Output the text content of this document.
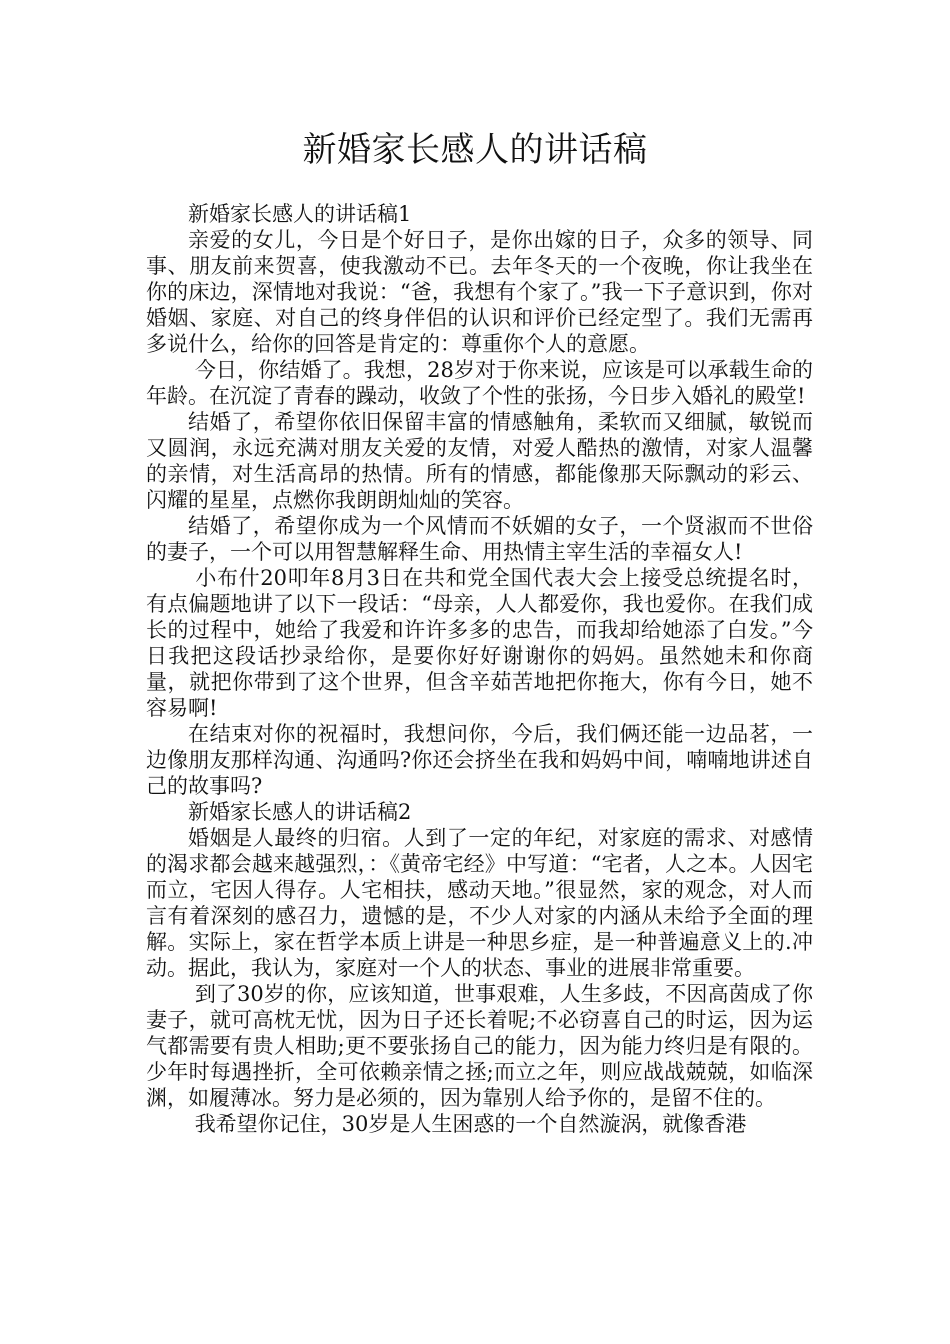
新婚家长感人的讲话稿

新婚家长感人的讲话稿1

亲爱的女儿，今日是个好日子，是你出嫁的日子，众多的领导、同事、朋友前来贺喜，使我激动不已。去年冬天的一个夜晚，你让我坐在你的床边，深情地对我说：“爸，我想有个家了。”我一下子意识到，你对婚姻、家庭、对自己的终身伴侣的认识和评价已经定型了。我们无需再多说什么，给你的回答是肯定的：尊重你个人的意愿。

今日，你结婚了。我想，28岁对于你来说，应该是可以承载生命的年龄。在沉淀了青春的躁动，收敛了个性的张扬，今日步入婚礼的殿堂!

结婚了，希望你依旧保留丰富的情感触角，柔软而又细腻，敏锐而又圆润，永远充满对朋友关爱的友情，对爱人酷热的激情，对家人温馨的亲情，对生活高昂的热情。所有的情感，都能像那天际飘动的彩云、闪耀的星星，点燃你我朗朗灿灿的笑容。

结婚了，希望你成为一个风情而不妖媚的女子，一个贤淑而不世俗的妻子，一个可以用智慧解释生命、用热情主宰生活的幸福女人!

小布什20叩年8月3日在共和党全国代表大会上接受总统提名时，有点偏题地讲了以下一段话：“母亲，人人都爱你，我也爱你。在我们成长的过程中，她给了我爱和许许多多的忠告，而我却给她添了白发。”今日我把这段话抄录给你，是要你好好谢谢你的妈妈。虽然她未和你商量，就把你带到了这个世界，但含辛茹苦地把你拖大，你有今日，她不容易啊!

在结束对你的祝福时，我想问你，今后，我们俩还能一边品茗，一边像朋友那样沟通、沟通吗?你还会挤坐在我和妈妈中间，喃喃地讲述自己的故事吗?

新婚家长感人的讲话稿2

婚姻是人最终的归宿。人到了一定的年纪，对家庭的需求、对感情的渴求都会越来越强烈，：《黄帝宅经》中写道：“宅者，人之本。人因宅而立，宅因人得存。人宅相扶，感动天地。”很显然，家的观念，对人而言有着深刻的感召力，遗憾的是，不少人对家的内涵从未给予全面的理解。实际上，家在哲学本质上讲是一种思乡症，是一种普遍意义上的.冲动。据此，我认为，家庭对一个人的状态、事业的进展非常重要。

到了30岁的你，应该知道，世事艰难，人生多歧，不因高茵成了你妻子，就可高枕无忧，因为日子还长着呢;不必窃喜自己的时运，因为运气都需要有贵人相助;更不要张扬自己的能力，因为能力终归是有限的。少年时每遇挫折，全可依赖亲情之拯;而立之年，则应战战兢兢，如临深渊，如履薄冰。努力是必须的，因为靠别人给予你的，是留不住的。

我希望你记住，30岁是人生困惑的一个自然漩涡，就像香港
